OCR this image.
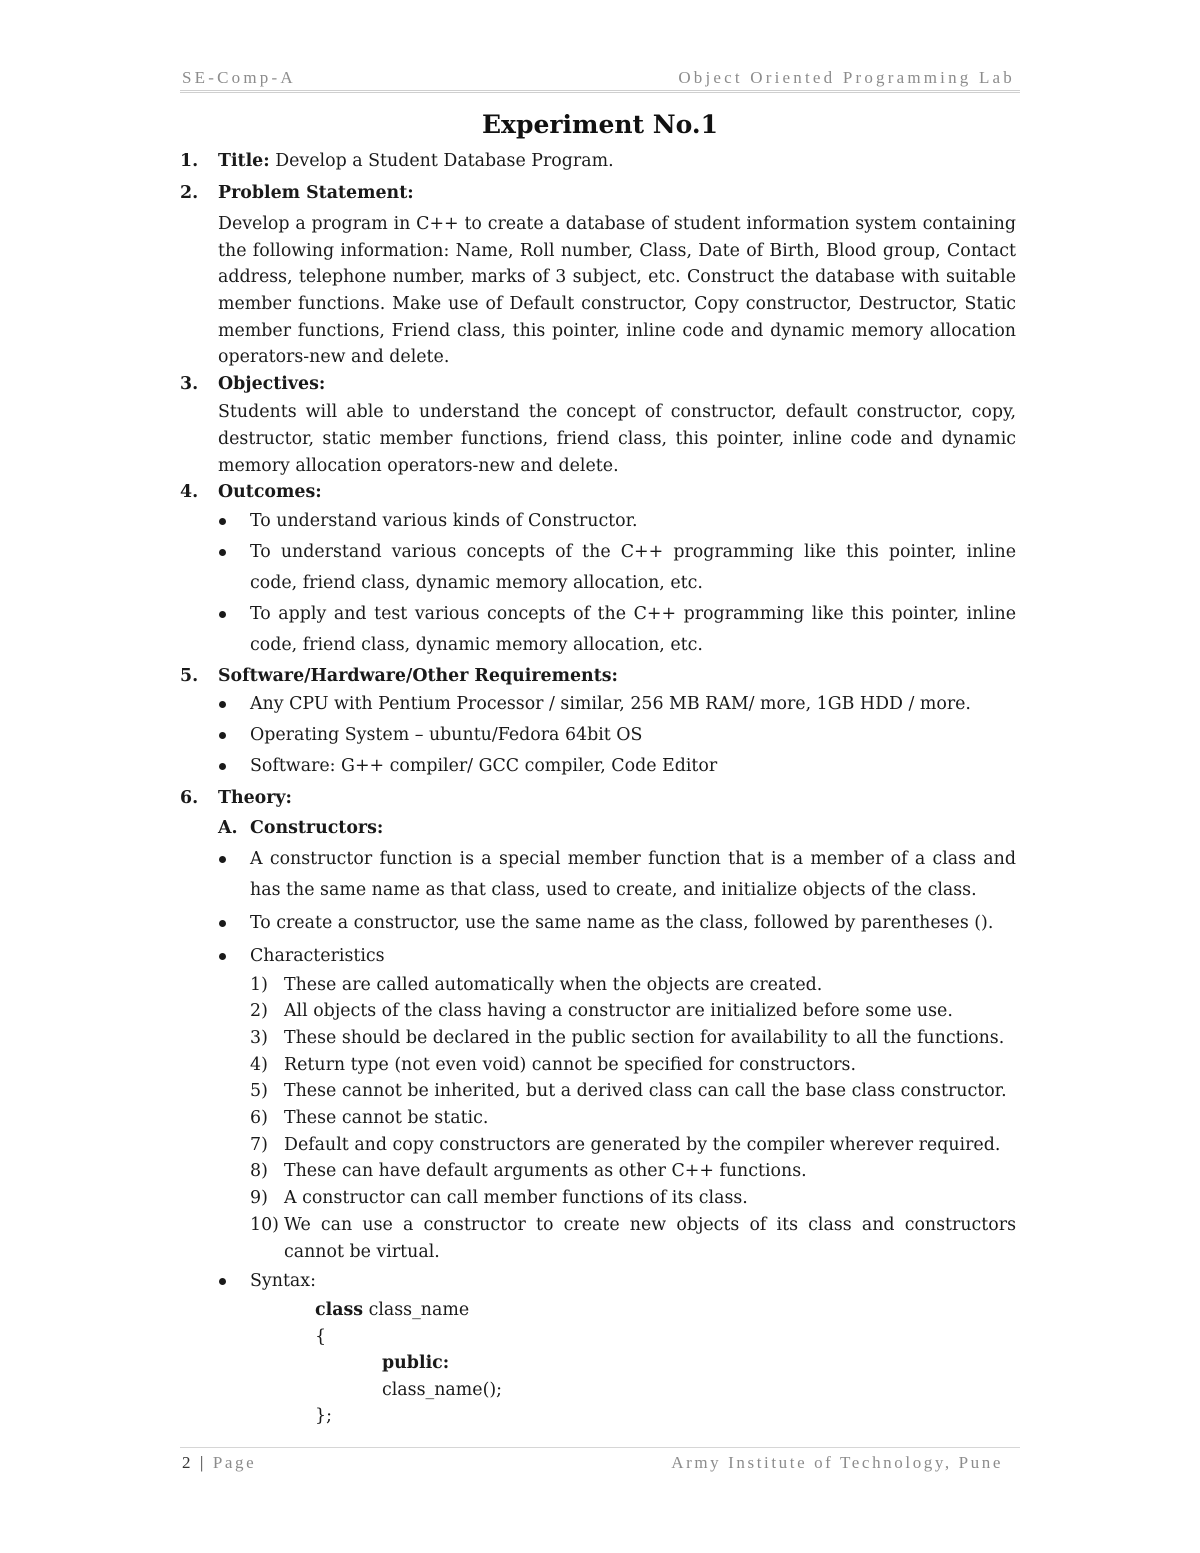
SE-Comp-A	Object Oriented Programming Lab
Experiment No.1

1. Title: Develop a Student Database Program.

2. Problem Statement:

Develop a program in C++ to create a database of student information system containing the following information: Name, Roll number, Class, Date of Birth, Blood group, Contact address, telephone number, marks of 3 subject, etc. Construct the database with suitable member functions. Make use of Default constructor, Copy constructor, Destructor, Static member functions, Friend class, this pointer, inline code and dynamic memory allocation operators-new and delete.

3. Objectives:

Students will able to understand the concept of constructor, default constructor, copy, destructor, static member functions, friend class, this pointer, inline code and dynamic memory allocation operators-new and delete.

4. Outcomes:

To understand various kinds of Constructor.
To understand various concepts of the C++ programming like this pointer, inline code, friend class, dynamic memory allocation, etc.
To apply and test various concepts of the C++ programming like this pointer, inline code, friend class, dynamic memory allocation, etc.

5. Software/Hardware/Other Requirements:

Any CPU with Pentium Processor / similar, 256 MB RAM/ more, 1GB HDD / more.
Operating System – ubuntu/Fedora 64bit OS
Software: G++ compiler/ GCC compiler, Code Editor

6. Theory:

A. Constructors:
A constructor function is a special member function that is a member of a class and has the same name as that class, used to create, and initialize objects of the class.
To create a constructor, use the same name as the class, followed by parentheses ().
Characteristics
1) These are called automatically when the objects are created.
2) All objects of the class having a constructor are initialized before some use.
3) These should be declared in the public section for availability to all the functions.
4) Return type (not even void) cannot be specified for constructors.
5) These cannot be inherited, but a derived class can call the base class constructor.
6) These cannot be static.
7) Default and copy constructors are generated by the compiler wherever required.
8) These can have default arguments as other C++ functions.
9) A constructor can call member functions of its class.
10) We can use a constructor to create new objects of its class and constructors cannot be virtual.
Syntax:
class class_name
{
public:
class_name();
};
2 | Page	Army Institute of Technology, Pune
